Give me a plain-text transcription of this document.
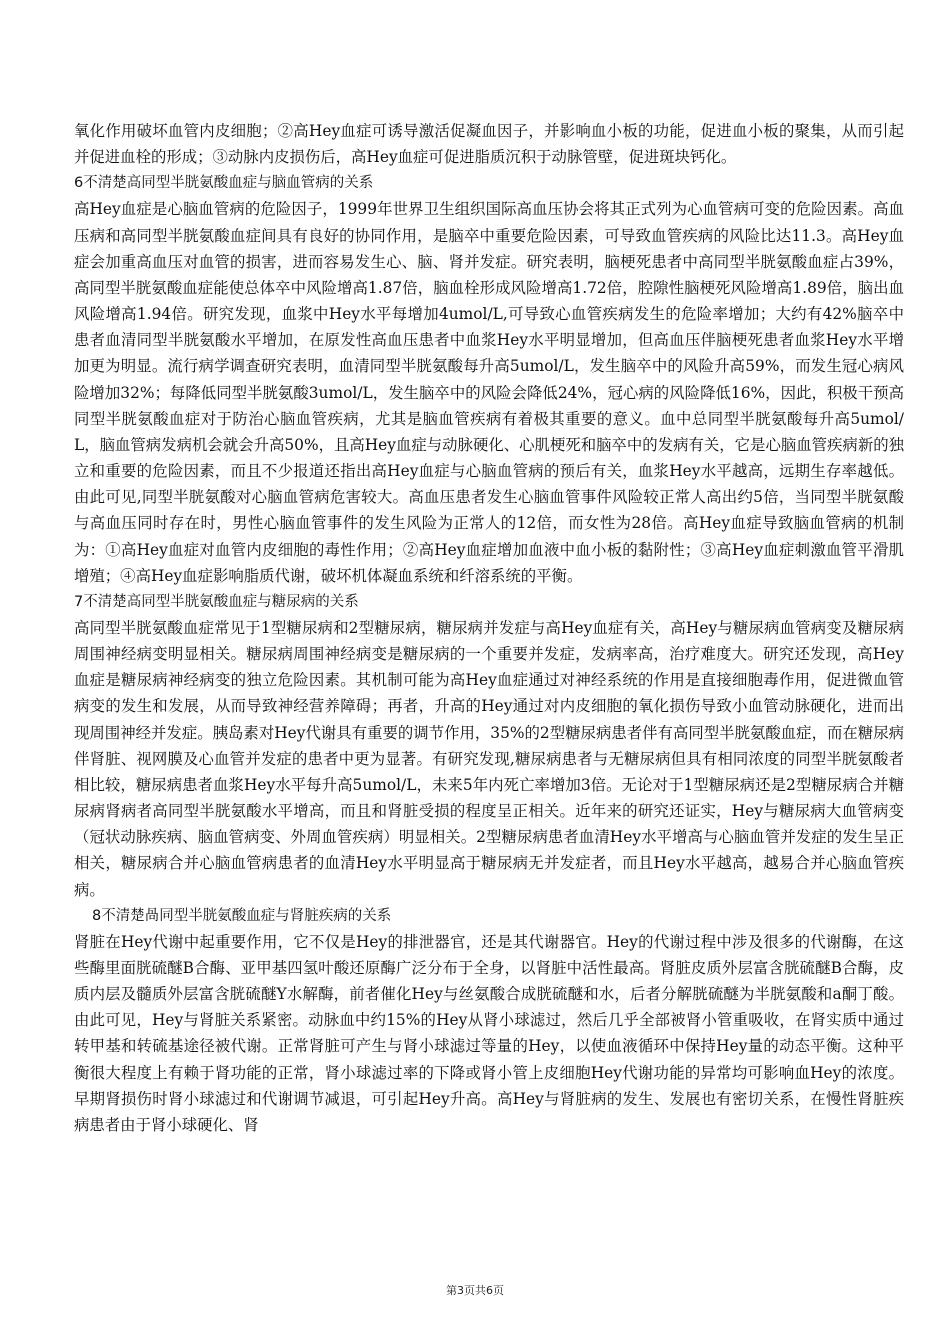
氧化作用破坏血管内皮细胞；②高Hey血症可诱导激活促凝血因子，并影响血小板的功能，促进血小板的聚集，从而引起并促进血栓的形成；③动脉内皮损伤后，高Hey血症可促进脂质沉积于动脉管壁，促进斑块钙化。

6不清楚高同型半胱氨酸血症与脑血管病的关系

高Hey血症是心脑血管病的危险因子，1999年世界卫生组织国际高血压协会将其正式列为心血管病可变的危险因素。高血压病和高同型半胱氨酸血症间具有良好的协同作用，是脑卒中重要危险因素，可导致血管疾病的风险比达11.3。高Hey血症会加重高血压对血管的损害，进而容易发生心、脑、肾并发症。研究表明，脑梗死患者中高同型半胱氨酸血症占39%，高同型半胱氨酸血症能使总体卒中风险增高1.87倍，脑血栓形成风险增高1.72倍，腔隙性脑梗死风险增高1.89倍，脑出血风险增高1.94倍。研究发现，血浆中Hey水平每增加4umol/L,可导致心血管疾病发生的危险率增加；大约有42%脑卒中患者血清同型半胱氨酸水平增加，在原发性高血压患者中血浆Hey水平明显增加，但高血压伴脑梗死患者血浆Hey水平增加更为明显。流行病学调查研究表明，血清同型半胱氨酸每升高5umol/L，发生脑卒中的风险升高59%，而发生冠心病风险增加32%；每降低同型半胱氨酸3umol/L，发生脑卒中的风险会降低24%，冠心病的风险降低16%，因此，积极干预高同型半胱氨酸血症对于防治心脑血管疾病，尤其是脑血管疾病有着极其重要的意义。血中总同型半胱氨酸每升高5umol/L，脑血管病发病机会就会升高50%，且高Hey血症与动脉硬化、心肌梗死和脑卒中的发病有关，它是心脑血管疾病新的独立和重要的危险因素，而且不少报道还指出高Hey血症与心脑血管病的预后有关，血浆Hey水平越高，远期生存率越低。由此可见,同型半胱氨酸对心脑血管病危害较大。高血压患者发生心脑血管事件风险较正常人高出约5倍，当同型半胱氨酸与高血压同时存在时，男性心脑血管事件的发生风险为正常人的12倍，而女性为28倍。高Hey血症导致脑血管病的机制为：①高Hey血症对血管内皮细胞的毒性作用；②高Hey血症增加血液中血小板的黏附性；③高Hey血症刺激血管平滑肌增殖；④高Hey血症影响脂质代谢，破坏机体凝血系统和纤溶系统的平衡。

7不清楚高同型半胱氨酸血症与糖尿病的关系

高同型半胱氨酸血症常见于1型糖尿病和2型糖尿病，糖尿病并发症与高Hey血症有关，高Hey与糖尿病血管病变及糖尿病周围神经病变明显相关。糖尿病周围神经病变是糖尿病的一个重要并发症，发病率高，治疗难度大。研究还发现，高Hey血症是糖尿病神经病变的独立危险因素。其机制可能为高Hey血症通过对神经系统的作用是直接细胞毒作用，促进微血管病变的发生和发展，从而导致神经营养障碍；再者，升高的Hey通过对内皮细胞的氧化损伤导致小血管动脉硬化，进而出现周围神经并发症。胰岛素对Hey代谢具有重要的调节作用，35%的2型糖尿病患者伴有高同型半胱氨酸血症，而在糖尿病伴肾脏、视网膜及心血管并发症的患者中更为显著。有研究发现,糖尿病患者与无糖尿病但具有相同浓度的同型半胱氨酸者相比较，糖尿病患者血浆Hey水平每升高5umol/L，未来5年内死亡率增加3倍。无论对于1型糖尿病还是2型糖尿病合并糖尿病肾病者高同型半胱氨酸水平增高，而且和肾脏受损的程度呈正相关。近年来的研究还证实，Hey与糖尿病大血管病变（冠状动脉疾病、脑血管病变、外周血管疾病）明显相关。2型糖尿病患者血清Hey水平增高与心脑血管并发症的发生呈正相关，糖尿病合并心脑血管病患者的血清Hey水平明显高于糖尿病无并发症者，而且Hey水平越高，越易合并心脑血管疾病。

8不清楚咼同型半胱氨酸血症与肾脏疾病的关系

肾脏在Hey代谢中起重要作用，它不仅是Hey的排泄器官，还是其代谢器官。Hey的代谢过程中涉及很多的代谢酶，在这些酶里面胱硫醚B合酶、亚甲基四氢叶酸还原酶广泛分布于全身，以肾脏中活性最高。肾脏皮质外层富含胱硫醚B合酶，皮质内层及髓质外层富含胱硫醚Y水解酶，前者催化Hey与丝氨酸合成胱硫醚和水，后者分解胱硫醚为半胱氨酸和a酮丁酸。由此可见，Hey与肾脏关系紧密。动脉血中约15%的Hey从肾小球滤过，然后几乎全部被肾小管重吸收，在肾实质中通过转甲基和转硫基途径被代谢。正常肾脏可产生与肾小球滤过等量的Hey，以使血液循环中保持Hey量的动态平衡。这种平衡很大程度上有赖于肾功能的正常，肾小球滤过率的下降或肾小管上皮细胞Hey代谢功能的异常均可影响血Hey的浓度。早期肾损伤时肾小球滤过和代谢调节减退，可引起Hey升高。高Hey与肾脏病的发生、发展也有密切关系，在慢性肾脏疾病患者由于肾小球硬化、肾

第3页共6页
